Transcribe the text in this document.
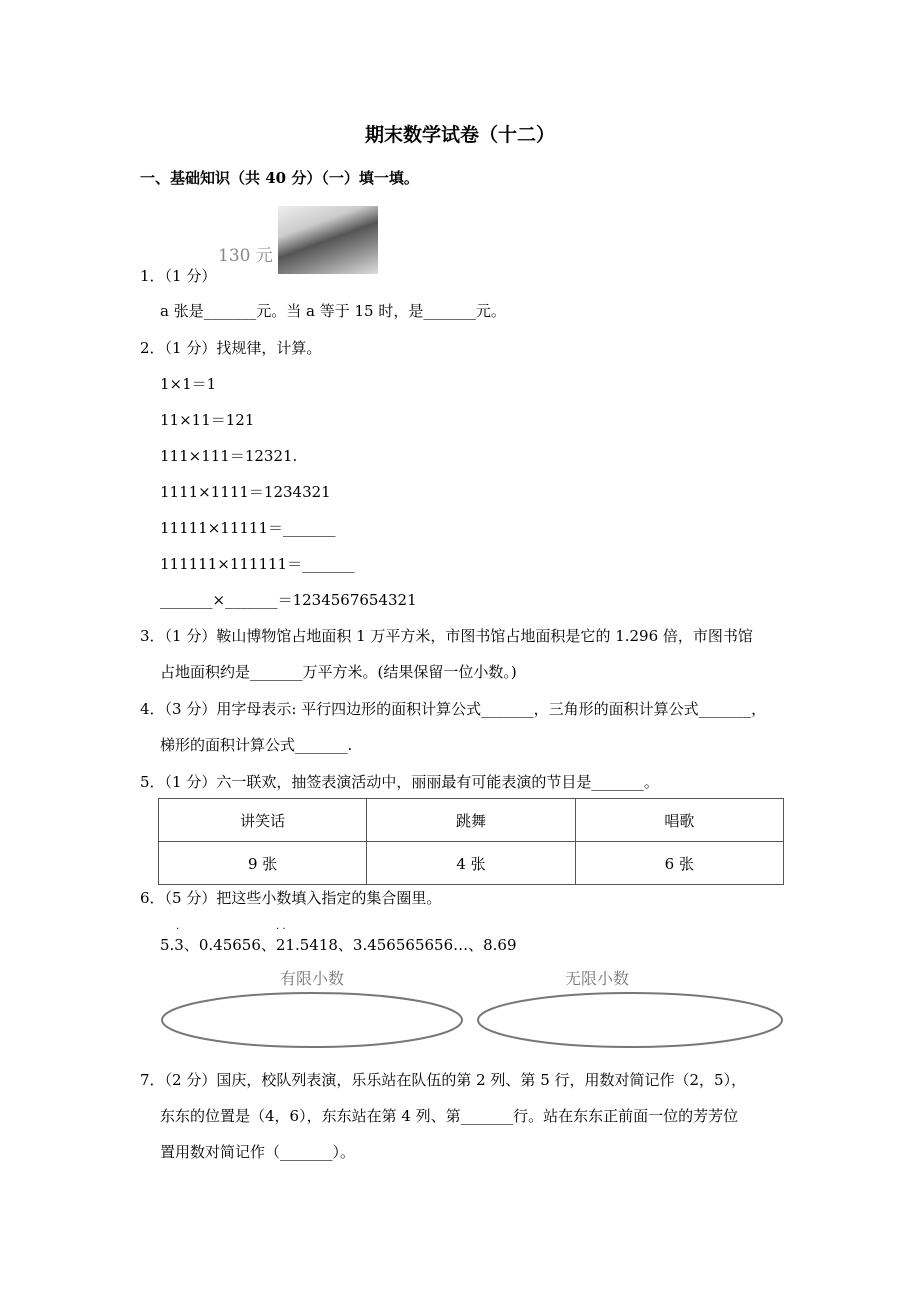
期末数学试卷（十二）
一、基础知识（共 40 分）（一）填一填。
130 元
1．（1 分）
a 张是_______元。当 a 等于 15 时，是_______元。
2．（1 分）找规律，计算。
1×1＝1
11×11＝121
111×111＝12321.
1111×1111＝1234321
11111×11111＝_______
111111×111111＝_______
_______×_______＝1234567654321
3．（1 分）鞍山博物馆占地面积 1 万平方米，市图书馆占地面积是它的 1.296 倍，市图书馆
占地面积约是_______万平方米。(结果保留一位小数。)
4．（3 分）用字母表示: 平行四边形的面积计算公式_______，三角形的面积计算公式_______，
梯形的面积计算公式_______.
5．（1 分）六一联欢，抽签表演活动中，丽丽最有可能表演的节目是_______。
讲笑话	跳舞	唱歌
9 张	4 张	6 张
6．（5 分）把这些小数填入指定的集合圈里。
·	· ·
5.3、0.45656、21.5418、3.456565656…、8.69
有限小数	无限小数
7．（2 分）国庆，校队列表演，乐乐站在队伍的第 2 列、第 5 行，用数对简记作（2，5），
东东的位置是（4，6），东东站在第 4 列、第_______行。站在东东正前面一位的芳芳位
置用数对简记作（_______）。
